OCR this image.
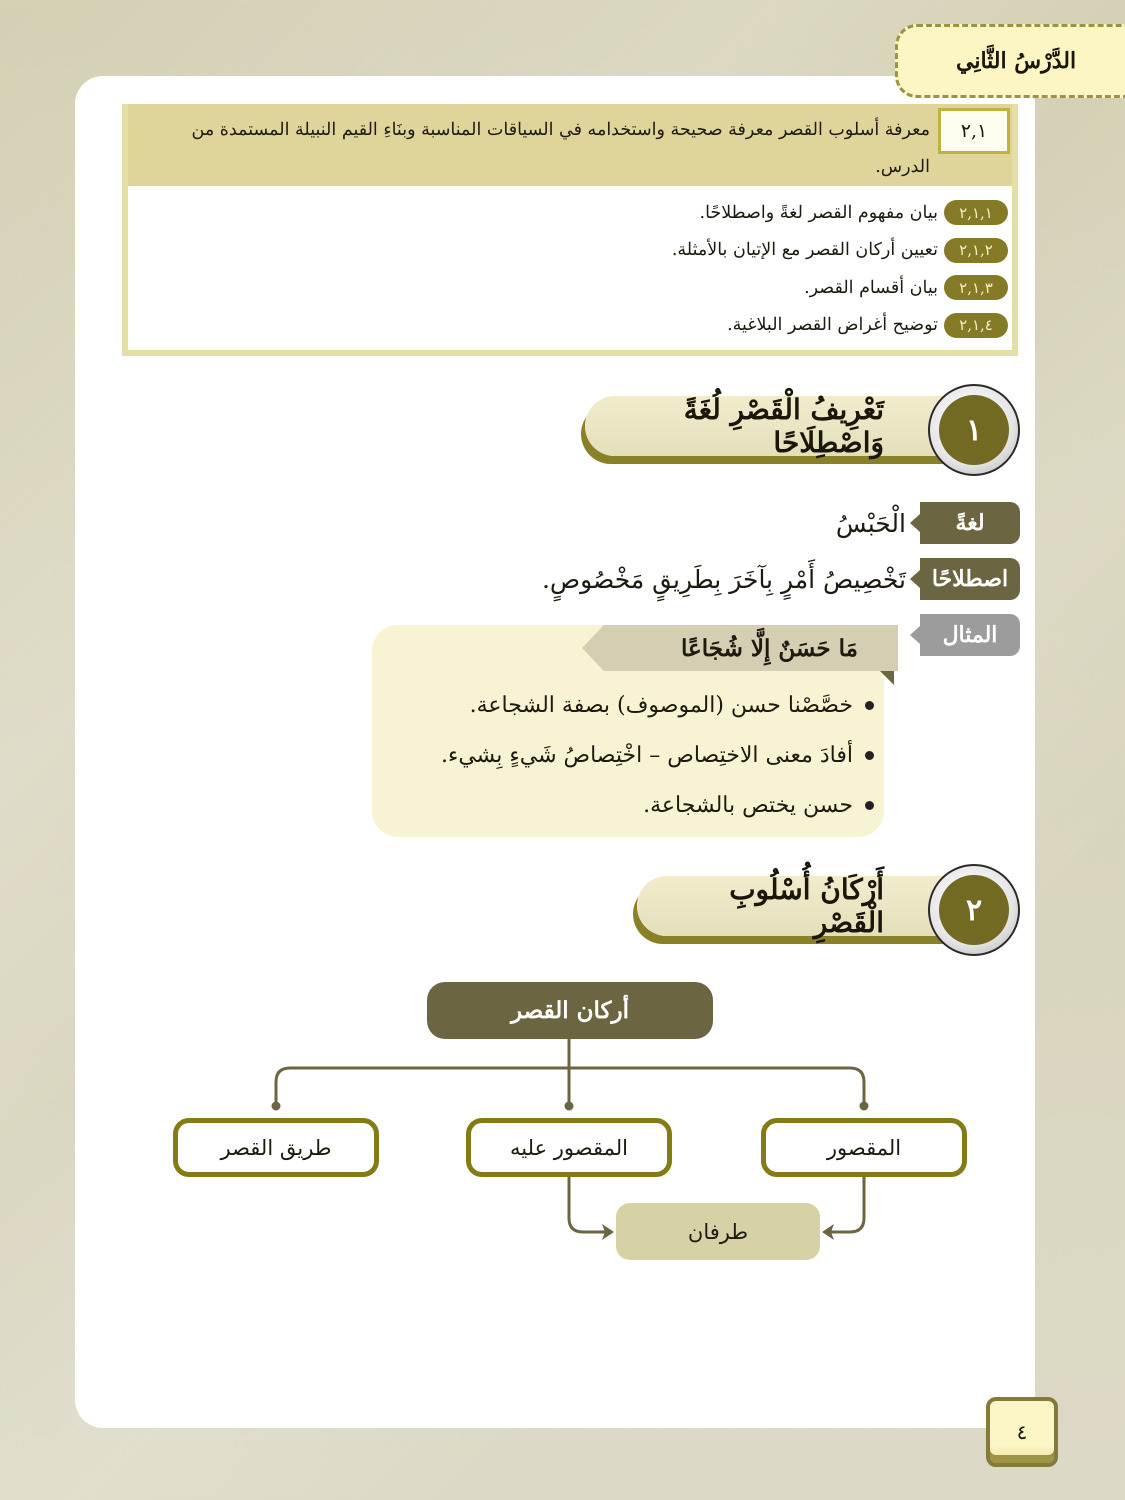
الدَّرْسُ الثَّانِي
٢,١
معرفة أسلوب القصر معرفة صحيحة واستخدامه في السياقات المناسبة وبنَاءِ القيم النبيلة المستمدة من الدرس.
٢,١,١
بيان مفهوم القصر لغةً واصطلاحًا.
٢,١,٢
تعيين أركان القصر مع الإتيان بالأمثلة.
٢,١,٣
بيان أقسام القصر.
٢,١,٤
توضيح أغراض القصر البلاغية.
تَعْرِيفُ الْقَصْرِ لُغَةً وَاصْطِلَاحًا	١
لغةً
الْحَبْسُ
اصطلاحًا
تَخْصِيصُ أَمْرٍ بِآخَرَ بِطَرِيقٍ مَخْصُوصٍ.
المثال
مَا حَسَنٌ إِلَّا شُجَاعًا
خصَّصْنا حسن (الموصوف) بصفة الشجاعة.
أفادَ معنى الاختِصاص – اخْتِصاصُ شَيءٍ بِشيء.
حسن يختص بالشجاعة.
أَرْكَانُ أُسْلُوبِ الْقَصْرِ	٢
أركان القصر
المقصور
المقصور عليه
طريق القصر
طرفان
٤
